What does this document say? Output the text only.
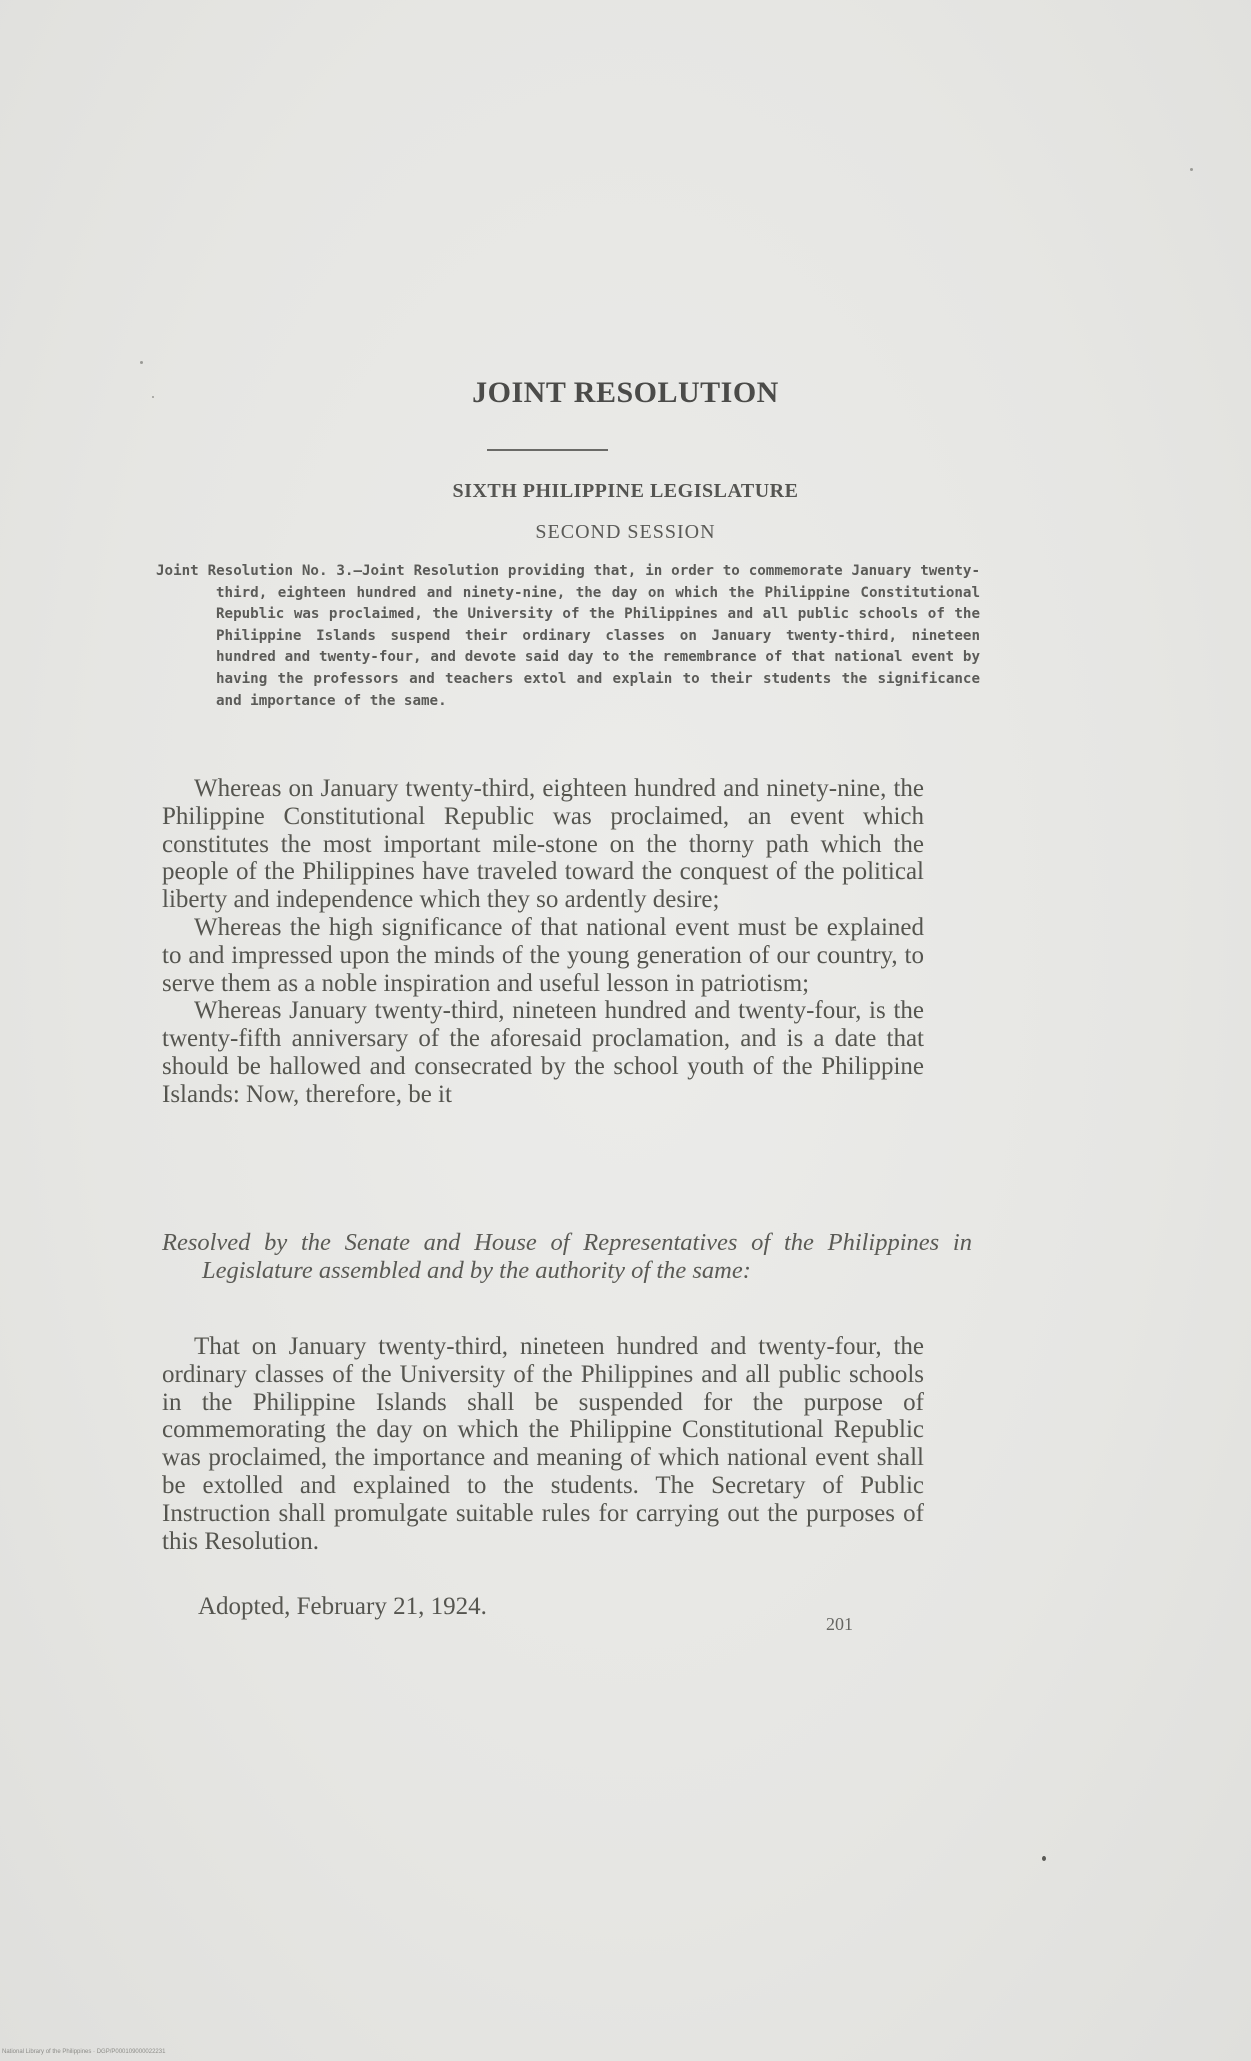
JOINT RESOLUTION
SIXTH PHILIPPINE LEGISLATURE
SECOND SESSION
Joint Resolution No. 3.—Joint Resolution providing that, in order to commemorate January twenty-third, eighteen hundred and ninety-nine, the day on which the Philippine Constitutional Republic was proclaimed, the University of the Philippines and all public schools of the Philippine Islands suspend their ordinary classes on January twenty-third, nineteen hundred and twenty-four, and devote said day to the remembrance of that national event by having the professors and teachers extol and explain to their students the significance and importance of the same.

Whereas on January twenty-third, eighteen hundred and ninety-nine, the Philippine Constitutional Republic was proclaimed, an event which constitutes the most important mile-stone on the thorny path which the people of the Philippines have traveled toward the conquest of the political liberty and independence which they so ardently desire;

Whereas the high significance of that national event must be explained to and impressed upon the minds of the young generation of our country, to serve them as a noble inspiration and useful lesson in patriotism;

Whereas January twenty-third, nineteen hundred and twenty-four, is the twenty-fifth anniversary of the aforesaid proclamation, and is a date that should be hallowed and consecrated by the school youth of the Philippine Islands: Now, therefore, be it

Resolved by the Senate and House of Representatives of the Philippines in Legislature assembled and by the authority of the same:

That on January twenty-third, nineteen hundred and twenty-four, the ordinary classes of the University of the Philippines and all public schools in the Philippine Islands shall be suspended for the purpose of commemorating the day on which the Philippine Constitutional Republic was proclaimed, the importance and meaning of which national event shall be extolled and explained to the students. The Secretary of Public Instruction shall promulgate suitable rules for carrying out the purposes of this Resolution.

Adopted, February 21, 1924.
201
National Library of the Philippines · DGP/P000109000022231
